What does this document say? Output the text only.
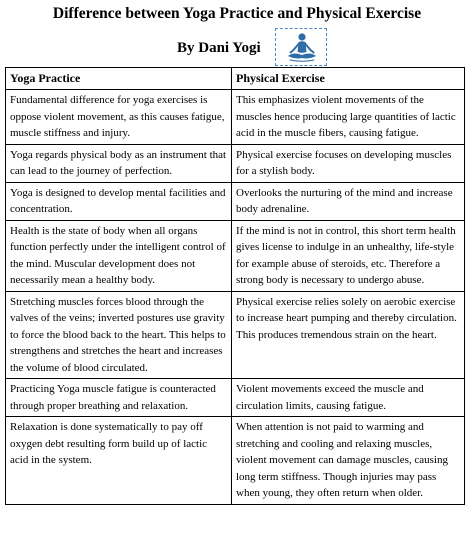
Difference between Yoga Practice and Physical Exercise
By Dani Yogi
Yoga Practice	Physical Exercise
Fundamental difference for yoga exercises is oppose violent movement, as this causes fatigue, muscle stiffness and injury.	This emphasizes violent movements of the muscles hence producing large quantities of lactic acid in the muscle fibers, causing fatigue.
Yoga regards physical body as an instrument that can lead to the journey of perfection.	Physical exercise focuses on developing muscles for a stylish body.
Yoga is designed to develop mental facilities and concentration.	Overlooks the nurturing of the mind and increase body adrenaline.
Health is the state of body when all organs function perfectly under the intelligent control of the mind. Muscular development does not necessarily mean a healthy body.	If the mind is not in control, this short term health gives license to indulge in an unhealthy, life-style for example abuse of steroids, etc. Therefore a strong body is necessary to undergo abuse.
Stretching muscles forces blood through the valves of the veins; inverted postures use gravity to force the blood back to the heart. This helps to strengthens and stretches the heart and increases the volume of blood circulated.	Physical exercise relies solely on aerobic exercise to increase heart pumping and thereby circulation. This produces tremendous strain on the heart.
Practicing Yoga muscle fatigue is counteracted through proper breathing and relaxation.	Violent movements exceed the muscle and circulation limits, causing fatigue.
Relaxation is done systematically to pay off oxygen debt resulting form build up of lactic acid in the system.	When attention is not paid to warming and stretching and cooling and relaxing muscles, violent movement can damage muscles, causing long term stiffness. Though injuries may pass when young, they often return when older.
